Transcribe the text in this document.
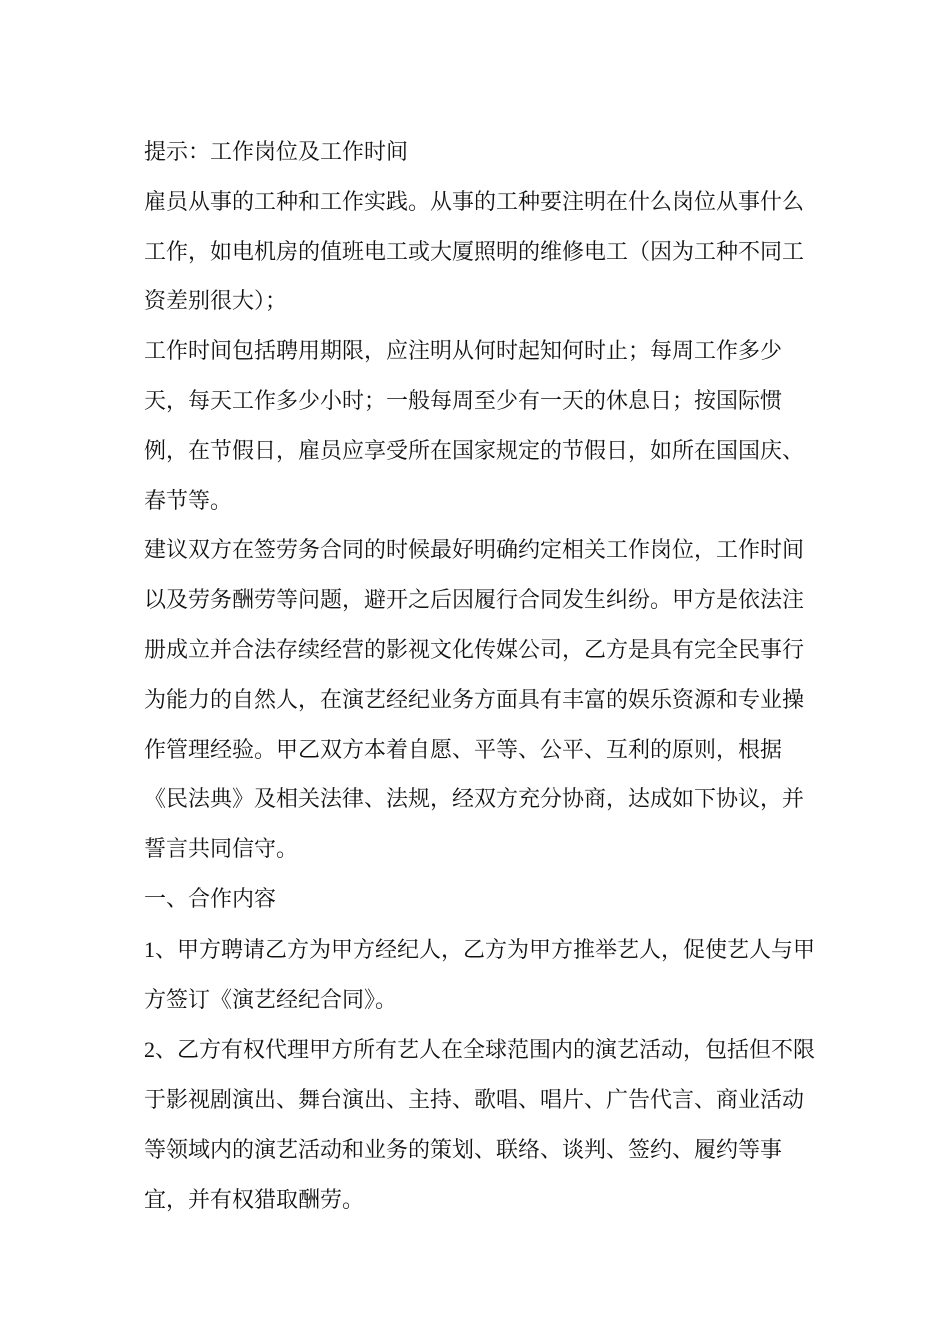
提示：工作岗位及工作时间

雇员从事的工种和工作实践。从事的工种要注明在什么岗位从事什么工作，如电机房的值班电工或大厦照明的维修电工（因为工种不同工资差别很大）；

工作时间包括聘用期限，应注明从何时起知何时止；每周工作多少天，每天工作多少小时；一般每周至少有一天的休息日；按国际惯例，在节假日，雇员应享受所在国家规定的节假日，如所在国国庆、春节等。

建议双方在签劳务合同的时候最好明确约定相关工作岗位，工作时间以及劳务酬劳等问题，避开之后因履行合同发生纠纷。甲方是依法注册成立并合法存续经营的影视文化传媒公司，乙方是具有完全民事行为能力的自然人，在演艺经纪业务方面具有丰富的娱乐资源和专业操作管理经验。甲乙双方本着自愿、平等、公平、互利的原则，根据《民法典》及相关法律、法规，经双方充分协商，达成如下协议，并誓言共同信守。

一、合作内容

1、甲方聘请乙方为甲方经纪人，乙方为甲方推举艺人，促使艺人与甲方签订《演艺经纪合同》。

2、乙方有权代理甲方所有艺人在全球范围内的演艺活动，包括但不限于影视剧演出、舞台演出、主持、歌唱、唱片、广告代言、商业活动等领域内的演艺活动和业务的策划、联络、谈判、签约、履约等事宜，并有权猎取酬劳。
